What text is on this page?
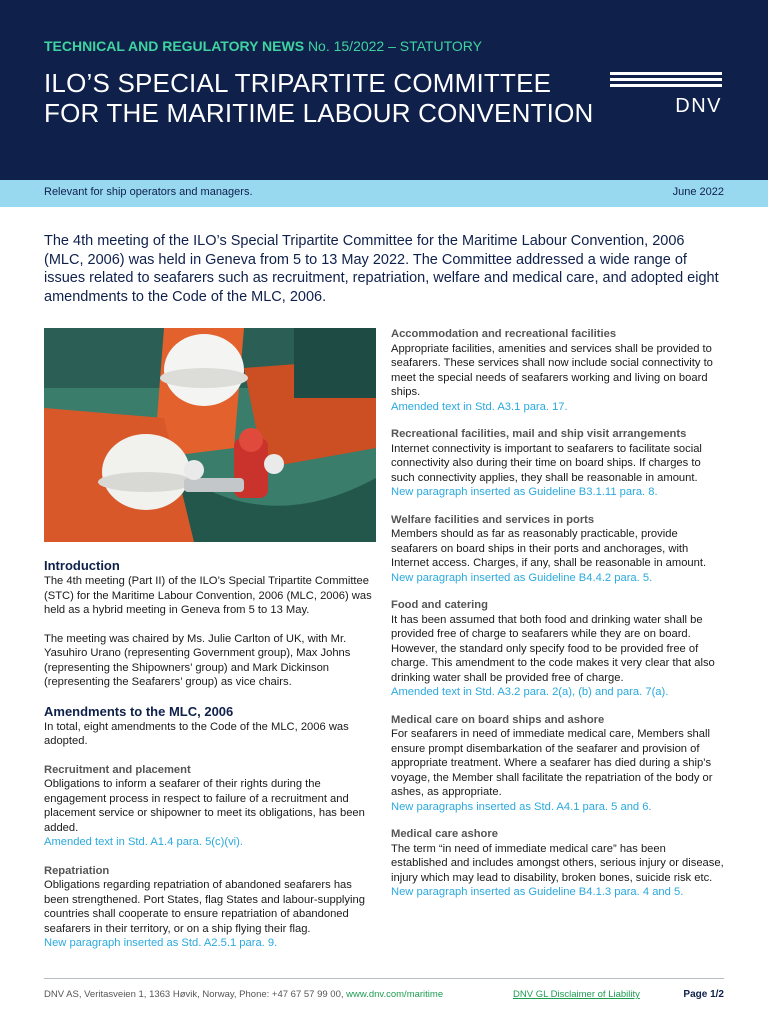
TECHNICAL AND REGULATORY NEWS No. 15/2022 – STATUTORY
ILO’S SPECIAL TRIPARTITE COMMITTEE FOR THE MARITIME LABOUR CONVENTION	DNV
Relevant for ship operators and managers.	June 2022

The 4th meeting of the ILO’s Special Tripartite Committee for the Maritime Labour Convention, 2006 (MLC, 2006) was held in Geneva from 5 to 13 May 2022. The Committee addressed a wide range of issues related to seafarers such as recruitment, repatriation, welfare and medical care, and adopted eight amendments to the Code of the MLC, 2006.

Introduction

The 4th meeting (Part II) of the ILO’s Special Tripartite Committee (STC) for the Maritime Labour Convention, 2006 (MLC, 2006) was held as a hybrid meeting in Geneva from 5 to 13 May.

The meeting was chaired by Ms. Julie Carlton of UK, with Mr. Yasuhiro Urano (representing Government group), Max Johns (representing the Shipowners’ group) and Mark Dickinson (representing the Seafarers’ group) as vice chairs.

Amendments to the MLC, 2006

In total, eight amendments to the Code of the MLC, 2006 was adopted.

Recruitment and placement

Obligations to inform a seafarer of their rights during the engagement process in respect to failure of a recruitment and placement service or shipowner to meet its obligations, has been added.

Amended text in Std. A1.4 para. 5(c)(vi).

Repatriation

Obligations regarding repatriation of abandoned seafarers has been strengthened. Port States, flag States and labour-supplying countries shall cooperate to ensure repatriation of abandoned seafarers in their territory, or on a ship flying their flag.

New paragraph inserted as Std. A2.5.1 para. 9.

Accommodation and recreational facilities

Appropriate facilities, amenities and services shall be provided to seafarers. These services shall now include social connectivity to meet the special needs of seafarers working and living on board ships.

Amended text in Std. A3.1 para. 17.

Recreational facilities, mail and ship visit arrangements

Internet connectivity is important to seafarers to facilitate social connectivity also during their time on board ships. If charges to such connectivity applies, they shall be reasonable in amount.

New paragraph inserted as Guideline B3.1.11 para. 8.

Welfare facilities and services in ports

Members should as far as reasonably practicable, provide seafarers on board ships in their ports and anchorages, with Internet access. Charges, if any, shall be reasonable in amount.

New paragraph inserted as Guideline B4.4.2 para. 5.

Food and catering

It has been assumed that both food and drinking water shall be provided free of charge to seafarers while they are on board. However, the standard only specify food to be provided free of charge. This amendment to the code makes it very clear that also drinking water shall be provided free of charge.

Amended text in Std. A3.2 para. 2(a), (b) and para. 7(a).

Medical care on board ships and ashore

For seafarers in need of immediate medical care, Members shall ensure prompt disembarkation of the seafarer and provision of appropriate treatment. Where a seafarer has died during a ship’s voyage, the Member shall facilitate the repatriation of the body or ashes, as appropriate.

New paragraphs inserted as Std. A4.1 para. 5 and 6.

Medical care ashore

The term “in need of immediate medical care” has been established and includes amongst others, serious injury or disease, injury which may lead to disability, broken bones, suicide risk etc.

New paragraph inserted as Guideline B4.1.3 para. 4 and 5.

DNV AS, Veritasveien 1, 1363 Høvik, Norway, Phone: +47 67 57 99 00, www.dnv.com/maritime	DNV GL Disclaimer of Liability	Page 1/2
